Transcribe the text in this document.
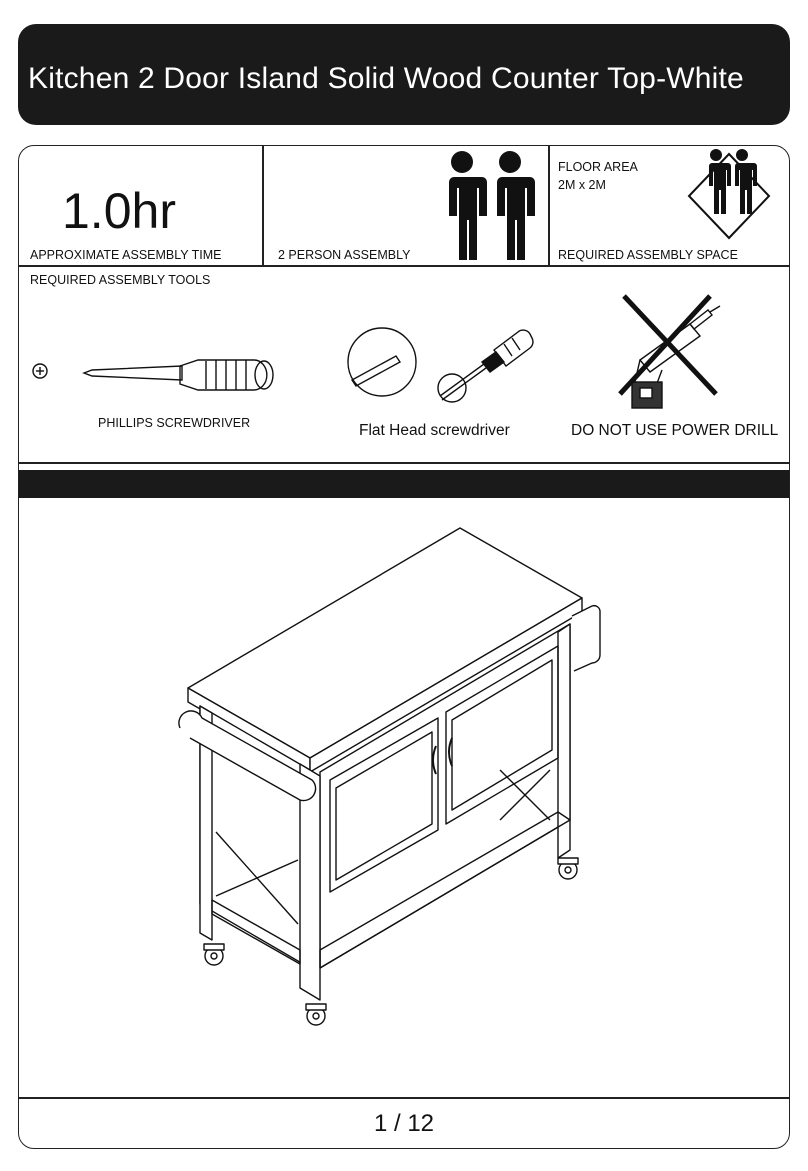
Kitchen 2 Door Island Solid Wood Counter Top-White
1.0hr
APPROXIMATE ASSEMBLY TIME	2 PERSON ASSEMBLY
FLOOR AREA
2M x 2M
REQUIRED ASSEMBLY SPACE
REQUIRED ASSEMBLY TOOLS
PHILLIPS SCREWDRIVER	Flat Head screwdriver	DO NOT USE POWER DRILL
1 / 12
